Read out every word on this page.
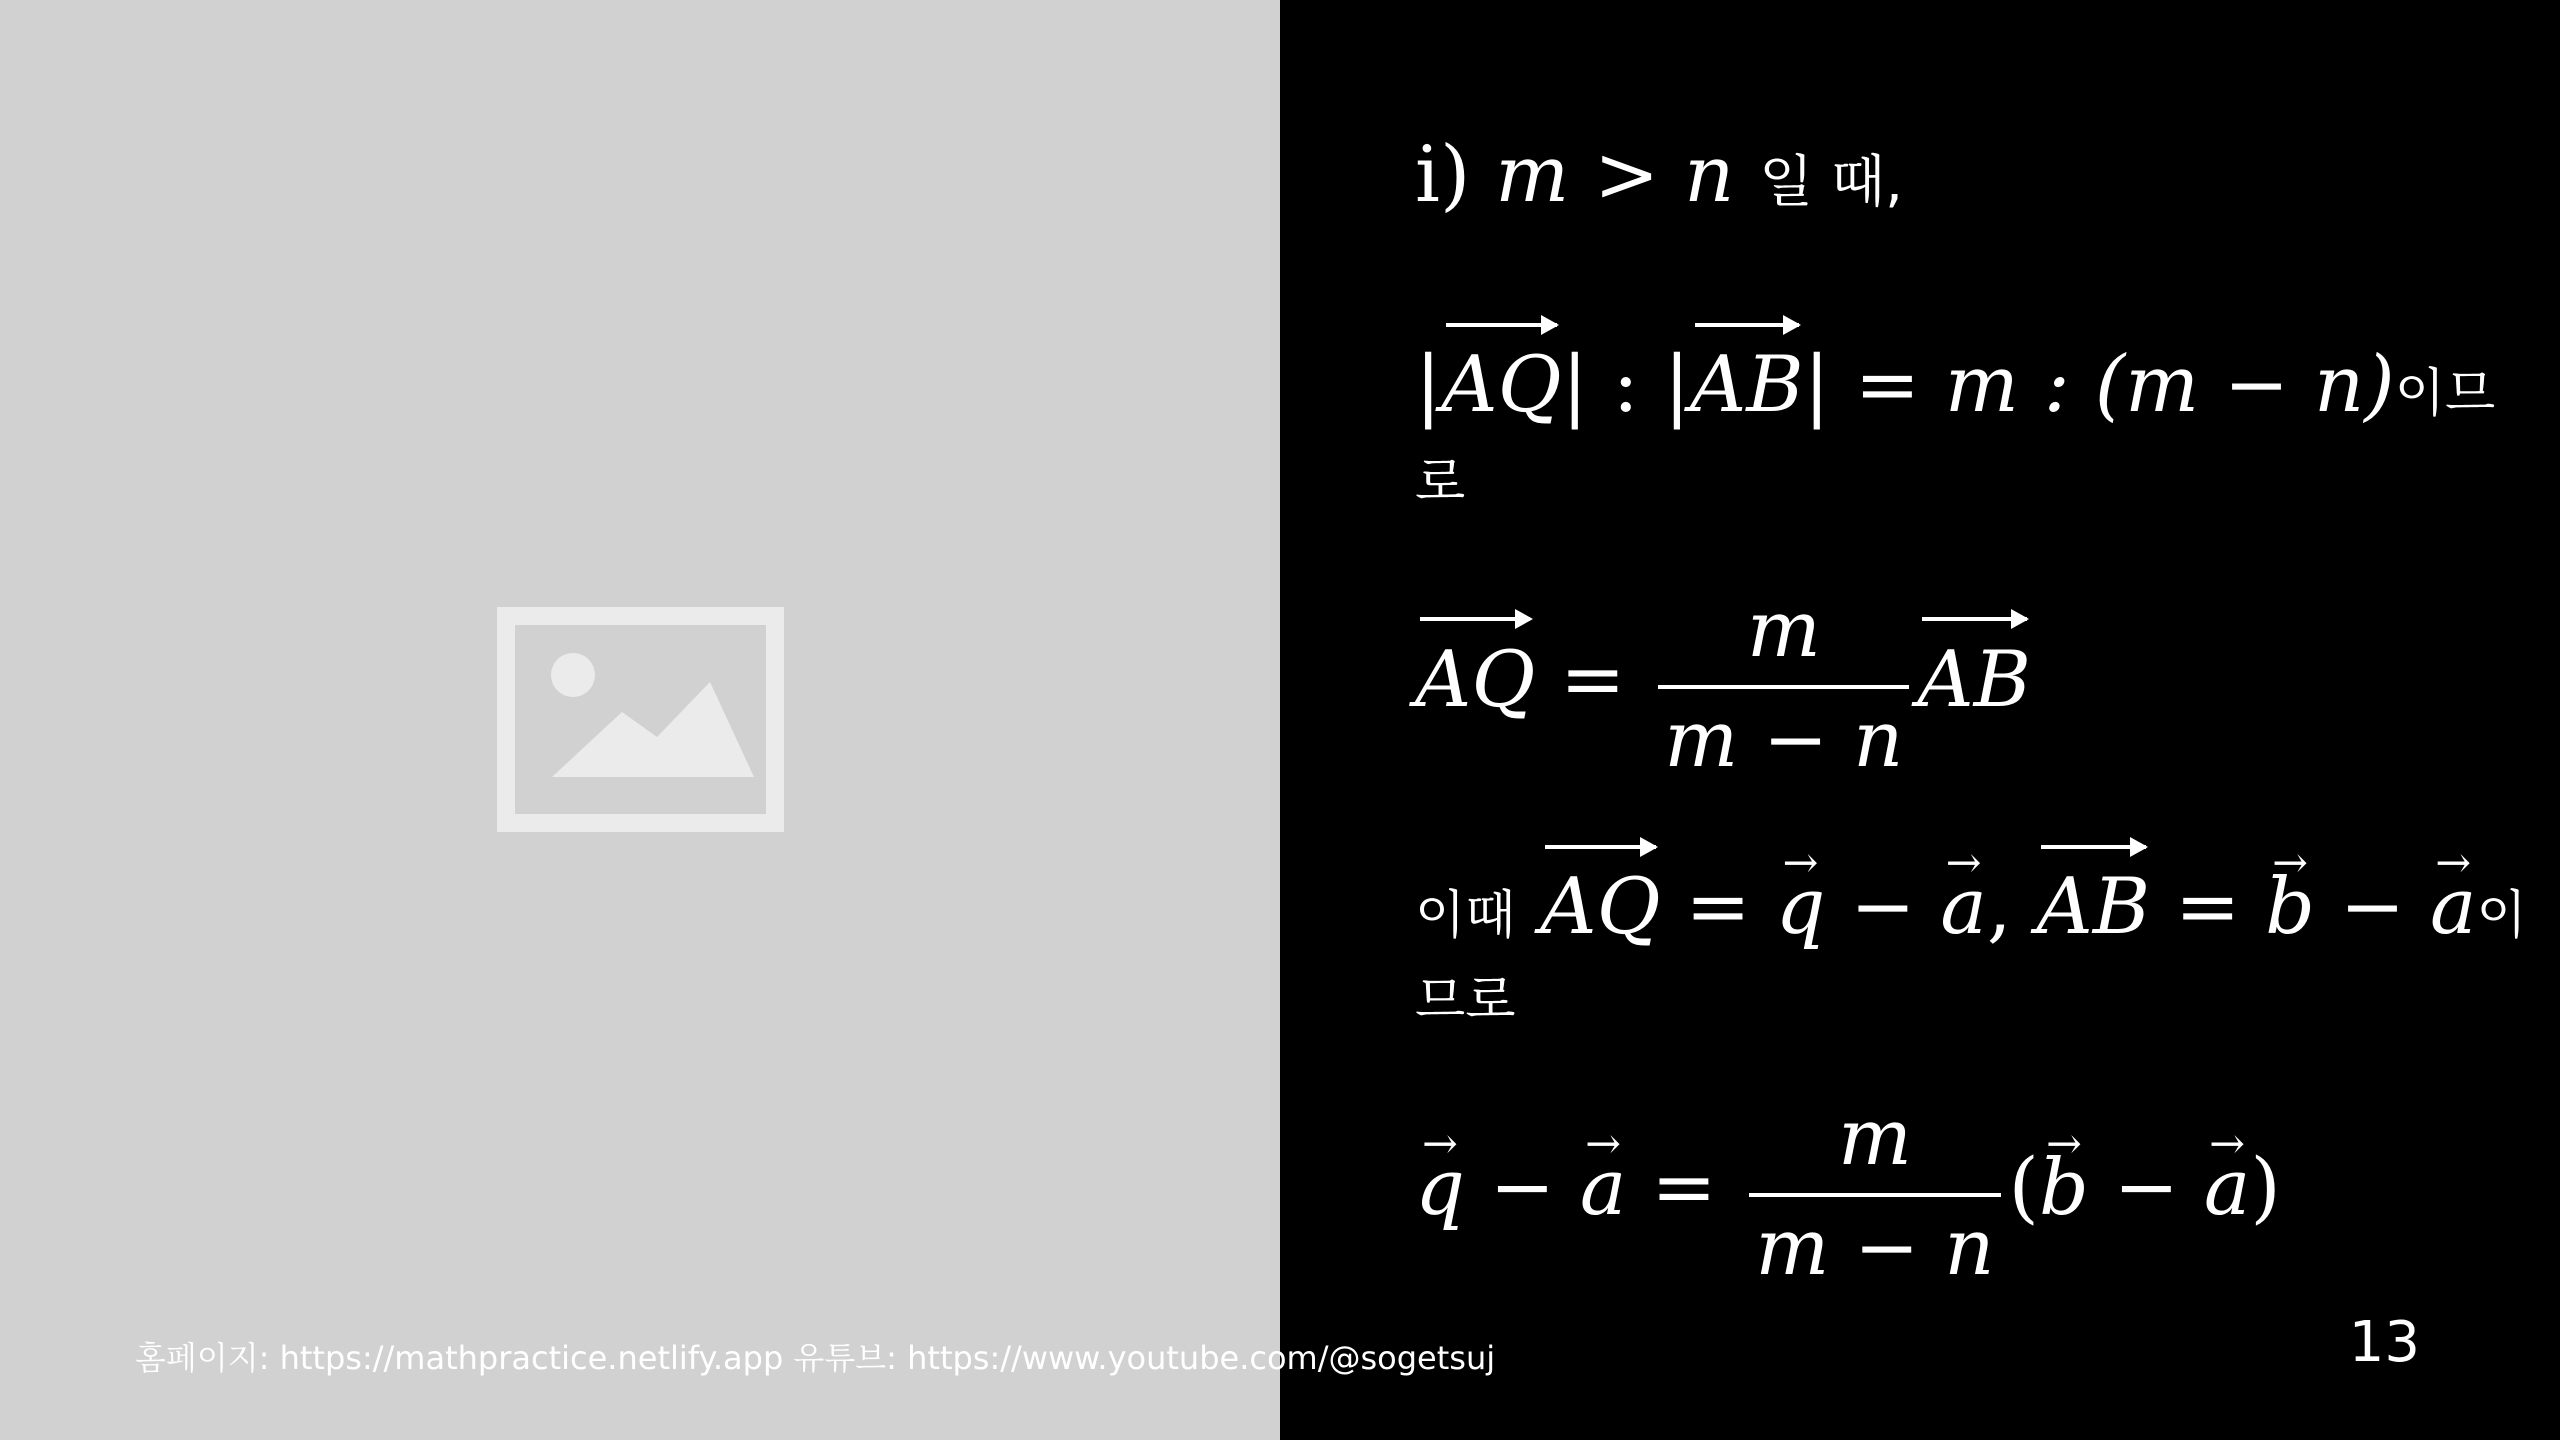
i) m > n 일 때,
|AQ| : |AB| = m : (m − n)이므
로
AQ = $\frac{m}{m - n}$ AB
이때 AQ = q → − a →, AB = b → − a →이
므로
q → − a → = $\frac{m}{m - n} (b$ → − a →)
홈페이지: https://mathpractice.netlify.app 유튜브: https://www.youtube.com/@sogetsuj	13
